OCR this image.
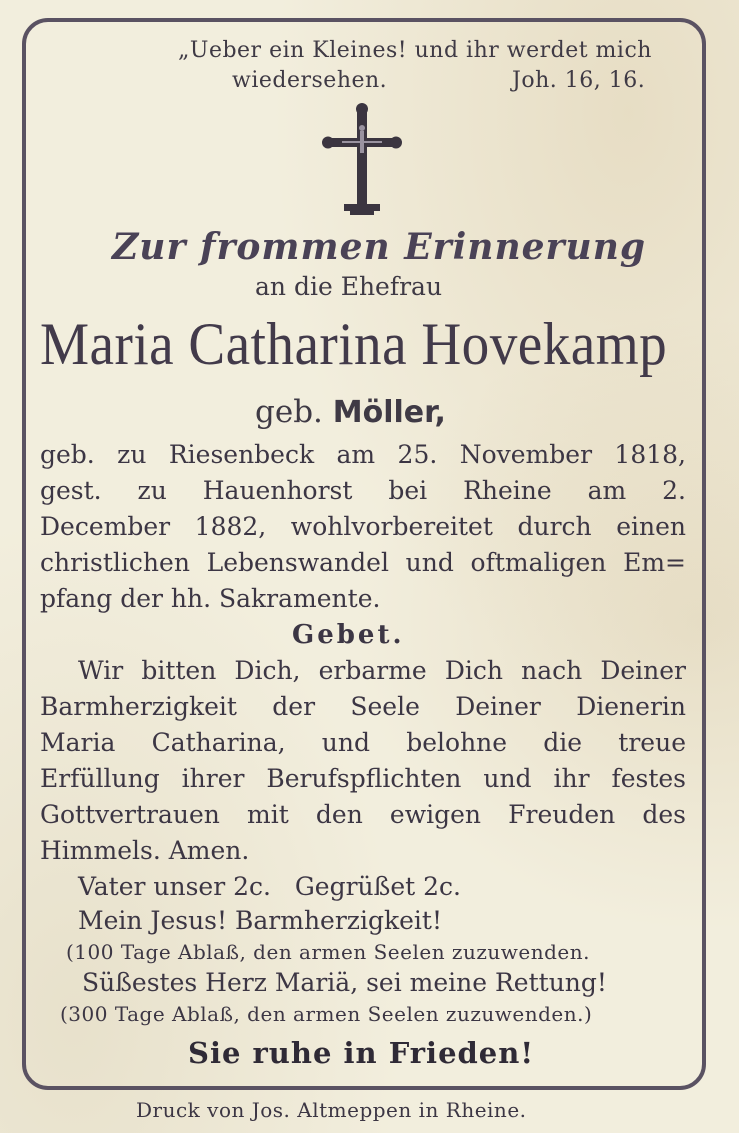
„Ueber ein Kleines! und ihr werdet mich
wiedersehen.	Joh. 16, 16.
Zur frommen Erinnerung
an die Ehefrau
Maria Catharina Hovekamp
geb. Möller,
geb. zu Riesenbeck am 25. November 1818,
gest. zu Hauenhorst bei Rheine am 2.
December 1882, wohlvorbereitet durch einen
christlichen Lebenswandel und oftmaligen Em=
pfang der hh. Sakramente.
Gebet.
Wir bitten Dich, erbarme Dich nach Deiner
Barmherzigkeit der Seele Deiner Dienerin
Maria Catharina, und belohne die treue
Erfüllung ihrer Berufspflichten und ihr festes
Gottvertrauen mit den ewigen Freuden des
Himmels. Amen.
Vater unser 2c.   Gegrüßet 2c.
Mein Jesus! Barmherzigkeit!
(100 Tage Ablaß, den armen Seelen zuzuwenden.
Süßestes Herz Mariä, sei meine Rettung!
(300 Tage Ablaß, den armen Seelen zuzuwenden.)
Sie ruhe in Frieden!
Druck von Jos. Altmeppen in Rheine.
